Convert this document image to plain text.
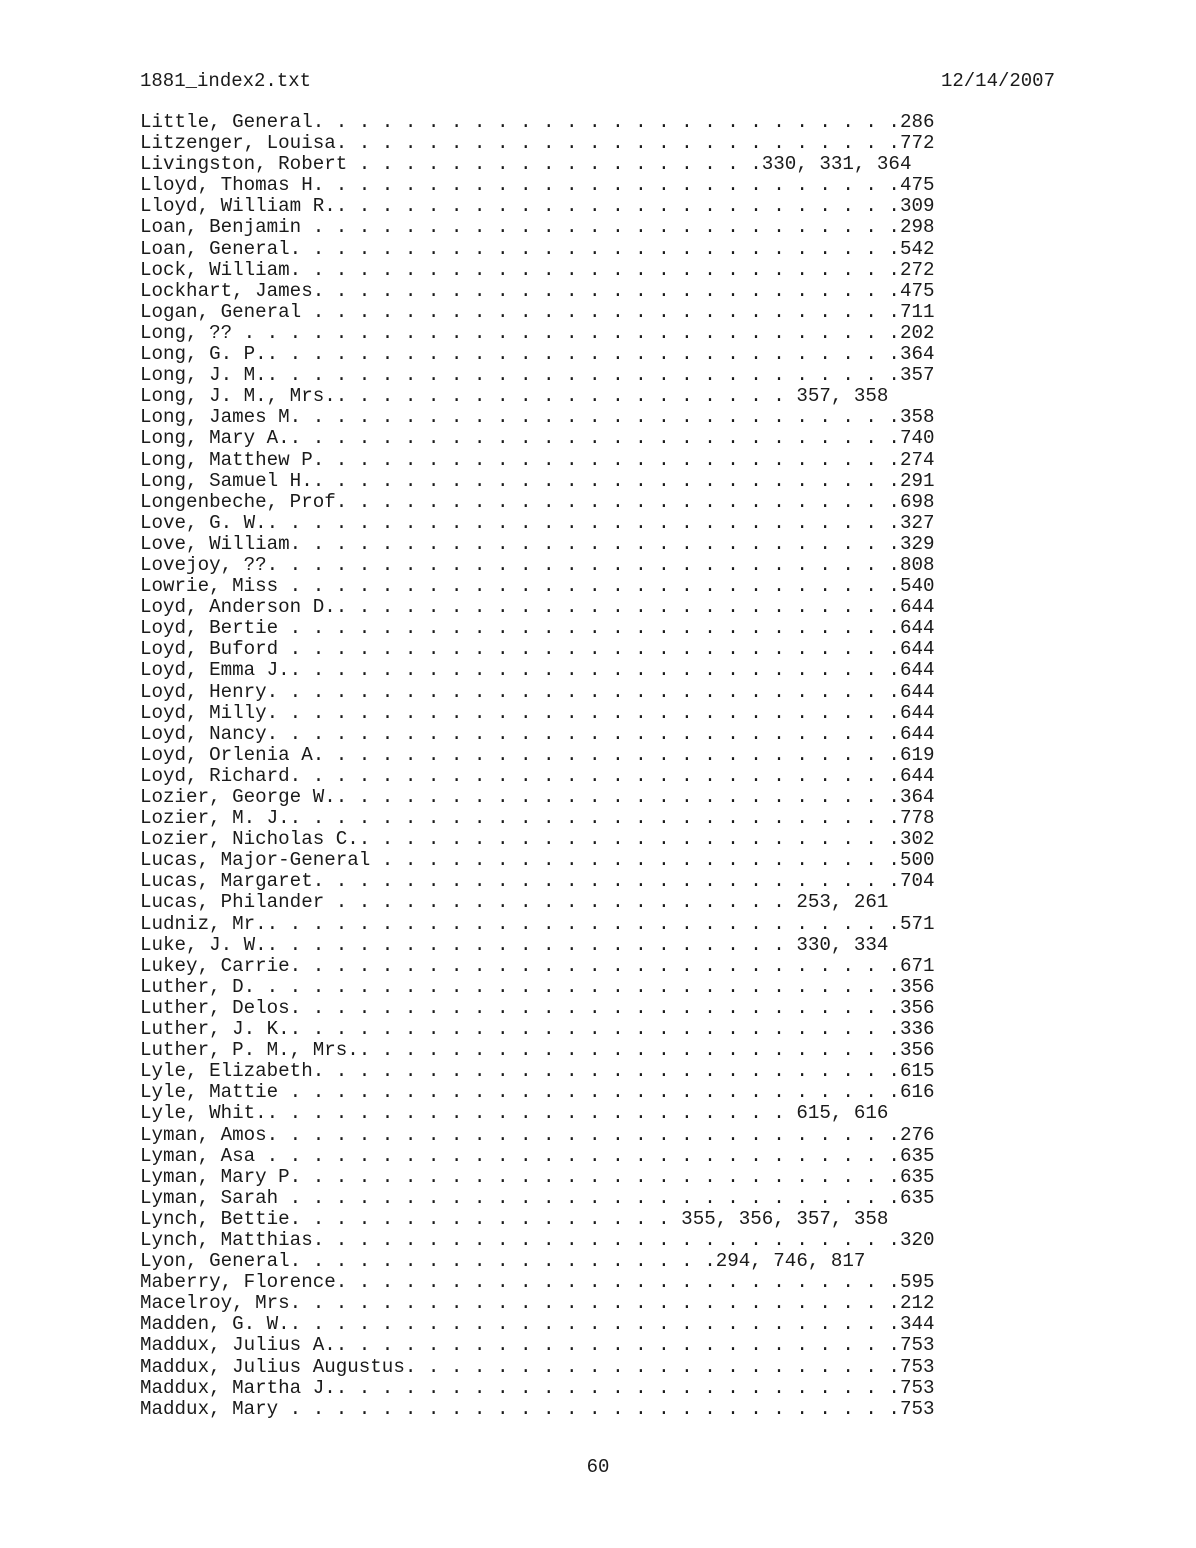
1881_index2.txt	12/14/2007
Little, General. . . . . . . . . . . . . . . . . . . . . . . . . .286
Litzenger, Louisa. . . . . . . . . . . . . . . . . . . . . . . . .772
Livingston, Robert . . . . . . . . . . . . . . . . . .330, 331, 364
Lloyd, Thomas H. . . . . . . . . . . . . . . . . . . . . . . . . .475
Lloyd, William R.. . . . . . . . . . . . . . . . . . . . . . . . .309
Loan, Benjamin . . . . . . . . . . . . . . . . . . . . . . . . . .298
Loan, General. . . . . . . . . . . . . . . . . . . . . . . . . . .542
Lock, William. . . . . . . . . . . . . . . . . . . . . . . . . . .272
Lockhart, James. . . . . . . . . . . . . . . . . . . . . . . . . .475
Logan, General . . . . . . . . . . . . . . . . . . . . . . . . . .711
Long, ?? . . . . . . . . . . . . . . . . . . . . . . . . . . . . .202
Long, G. P.. . . . . . . . . . . . . . . . . . . . . . . . . . . .364
Long, J. M.. . . . . . . . . . . . . . . . . . . . . . . . . . . .357
Long, J. M., Mrs.. . . . . . . . . . . . . . . . . . . . 357, 358
Long, James M. . . . . . . . . . . . . . . . . . . . . . . . . . .358
Long, Mary A.. . . . . . . . . . . . . . . . . . . . . . . . . . .740
Long, Matthew P. . . . . . . . . . . . . . . . . . . . . . . . . .274
Long, Samuel H.. . . . . . . . . . . . . . . . . . . . . . . . . .291
Longenbeche, Prof. . . . . . . . . . . . . . . . . . . . . . . . .698
Love, G. W.. . . . . . . . . . . . . . . . . . . . . . . . . . . .327
Love, William. . . . . . . . . . . . . . . . . . . . . . . . . . .329
Lovejoy, ??. . . . . . . . . . . . . . . . . . . . . . . . . . . .808
Lowrie, Miss . . . . . . . . . . . . . . . . . . . . . . . . . . .540
Loyd, Anderson D.. . . . . . . . . . . . . . . . . . . . . . . . .644
Loyd, Bertie . . . . . . . . . . . . . . . . . . . . . . . . . . .644
Loyd, Buford . . . . . . . . . . . . . . . . . . . . . . . . . . .644
Loyd, Emma J.. . . . . . . . . . . . . . . . . . . . . . . . . . .644
Loyd, Henry. . . . . . . . . . . . . . . . . . . . . . . . . . . .644
Loyd, Milly. . . . . . . . . . . . . . . . . . . . . . . . . . . .644
Loyd, Nancy. . . . . . . . . . . . . . . . . . . . . . . . . . . .644
Loyd, Orlenia A. . . . . . . . . . . . . . . . . . . . . . . . . .619
Loyd, Richard. . . . . . . . . . . . . . . . . . . . . . . . . . .644
Lozier, George W.. . . . . . . . . . . . . . . . . . . . . . . . .364
Lozier, M. J.. . . . . . . . . . . . . . . . . . . . . . . . . . .778
Lozier, Nicholas C.. . . . . . . . . . . . . . . . . . . . . . . .302
Lucas, Major-General . . . . . . . . . . . . . . . . . . . . . . .500
Lucas, Margaret. . . . . . . . . . . . . . . . . . . . . . . . . .704
Lucas, Philander . . . . . . . . . . . . . . . . . . . . 253, 261
Ludniz, Mr.. . . . . . . . . . . . . . . . . . . . . . . . . . . .571
Luke, J. W.. . . . . . . . . . . . . . . . . . . . . . . 330, 334
Lukey, Carrie. . . . . . . . . . . . . . . . . . . . . . . . . . .671
Luther, D. . . . . . . . . . . . . . . . . . . . . . . . . . . . .356
Luther, Delos. . . . . . . . . . . . . . . . . . . . . . . . . . .356
Luther, J. K.. . . . . . . . . . . . . . . . . . . . . . . . . . .336
Luther, P. M., Mrs.. . . . . . . . . . . . . . . . . . . . . . . .356
Lyle, Elizabeth. . . . . . . . . . . . . . . . . . . . . . . . . .615
Lyle, Mattie . . . . . . . . . . . . . . . . . . . . . . . . . . .616
Lyle, Whit.. . . . . . . . . . . . . . . . . . . . . . . 615, 616
Lyman, Amos. . . . . . . . . . . . . . . . . . . . . . . . . . . .276
Lyman, Asa . . . . . . . . . . . . . . . . . . . . . . . . . . . .635
Lyman, Mary P. . . . . . . . . . . . . . . . . . . . . . . . . . .635
Lyman, Sarah . . . . . . . . . . . . . . . . . . . . . . . . . . .635
Lynch, Bettie. . . . . . . . . . . . . . . . . 355, 356, 357, 358
Lynch, Matthias. . . . . . . . . . . . . . . . . . . . . . . . . .320
Lyon, General. . . . . . . . . . . . . . . . . . .294, 746, 817
Maberry, Florence. . . . . . . . . . . . . . . . . . . . . . . . .595
Macelroy, Mrs. . . . . . . . . . . . . . . . . . . . . . . . . . .212
Madden, G. W.. . . . . . . . . . . . . . . . . . . . . . . . . . .344
Maddux, Julius A.. . . . . . . . . . . . . . . . . . . . . . . . .753
Maddux, Julius Augustus. . . . . . . . . . . . . . . . . . . . . .753
Maddux, Martha J.. . . . . . . . . . . . . . . . . . . . . . . . .753
Maddux, Mary . . . . . . . . . . . . . . . . . . . . . . . . . . .753
60
